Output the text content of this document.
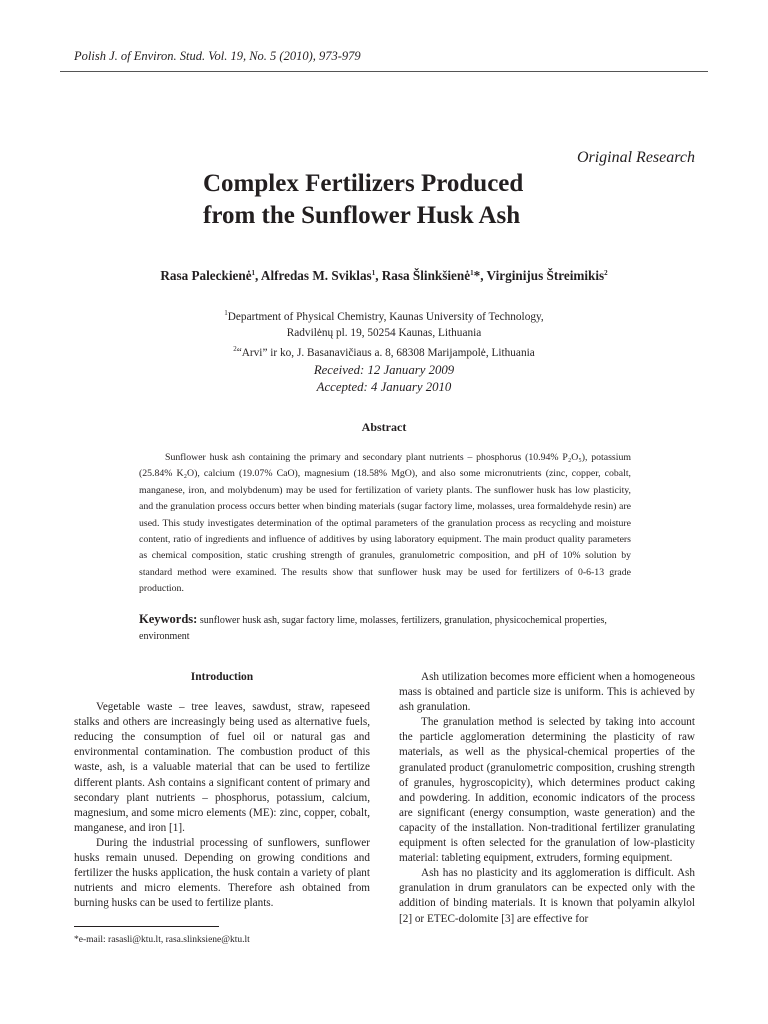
Polish J. of Environ. Stud. Vol. 19, No. 5 (2010), 973-979
Original Research
Complex Fertilizers Produced
from the Sunflower Husk Ash
Rasa Paleckienė$^1$, Alfredas M. Sviklas$^1$, Rasa Šlinkšienė$^1$*, Virginijus Štreimikis$^2$
$^1$Department of Physical Chemistry, Kaunas University of Technology,
Radvilėnų pl. 19, 50254 Kaunas, Lithuania
$^2$“Arvi” ir ko, J. Basanavičiaus a. 8, 68308 Marijampolė, Lithuania
Received: 12 January 2009
Accepted: 4 January 2010
Abstract

Sunflower husk ash containing the primary and secondary plant nutrients – phosphorus (10.94% P₂O₅), potassium (25.84% K₂O), calcium (19.07% CaO), magnesium (18.58% MgO), and also some micronutrients (zinc, copper, cobalt, manganese, iron, and molybdenum) may be used for fertilization of variety plants. The sunflower husk has low plasticity, and the granulation process occurs better when binding materials (sugar factory lime, molasses, urea formaldehyde resin) are used. This study investigates determination of the optimal parameters of the granulation process as recycling and moisture content, ratio of ingredients and influence of additives by using laboratory equipment. The main product quality parameters as chemical composition, static crushing strength of granules, granulometric composition, and pH of 10% solution by standard method were examined. The results show that sunflower husk may be used for fertilizers of 0-6-13 grade production.

Keywords: sunflower husk ash, sugar factory lime, molasses, fertilizers, granulation, physicochemical properties, environment

Introduction

Vegetable waste – tree leaves, sawdust, straw, rapeseed stalks and others are increasingly being used as alternative fuels, reducing the consumption of fuel oil or natural gas and environmental contamination. The combustion product of this waste, ash, is a valuable material that can be used to fertilize different plants. Ash contains a significant content of primary and secondary plant nutrients – phosphorus, potassium, calcium, magnesium, and some micro elements (ME): zinc, copper, cobalt, manganese, and iron [1].

During the industrial processing of sunflowers, sunflower husks remain unused. Depending on growing conditions and fertilizer the husks application, the husk contain a variety of plant nutrients and micro elements. Therefore ash obtained from burning husks can be used to fertilize plants.

Ash utilization becomes more efficient when a homogeneous mass is obtained and particle size is uniform. This is achieved by ash granulation.

The granulation method is selected by taking into account the particle agglomeration determining the plasticity of raw materials, as well as the physical-chemical properties of the granulated product (granulometric composition, crushing strength of granules, hygroscopicity), which determines product caking and powdering. In addition, economic indicators of the process are significant (energy consumption, waste generation) and the capacity of the installation. Non-traditional fertilizer granulating equipment is often selected for the granulation of low-plasticity material: tableting equipment, extruders, forming equipment.

Ash has no plasticity and its agglomeration is difficult. Ash granulation in drum granulators can be expected only with the addition of binding materials. It is known that polyamin alkylol [2] or ETEC-dolomite [3] are effective for

*e-mail: rasasli@ktu.lt, rasa.slinksiene@ktu.lt
